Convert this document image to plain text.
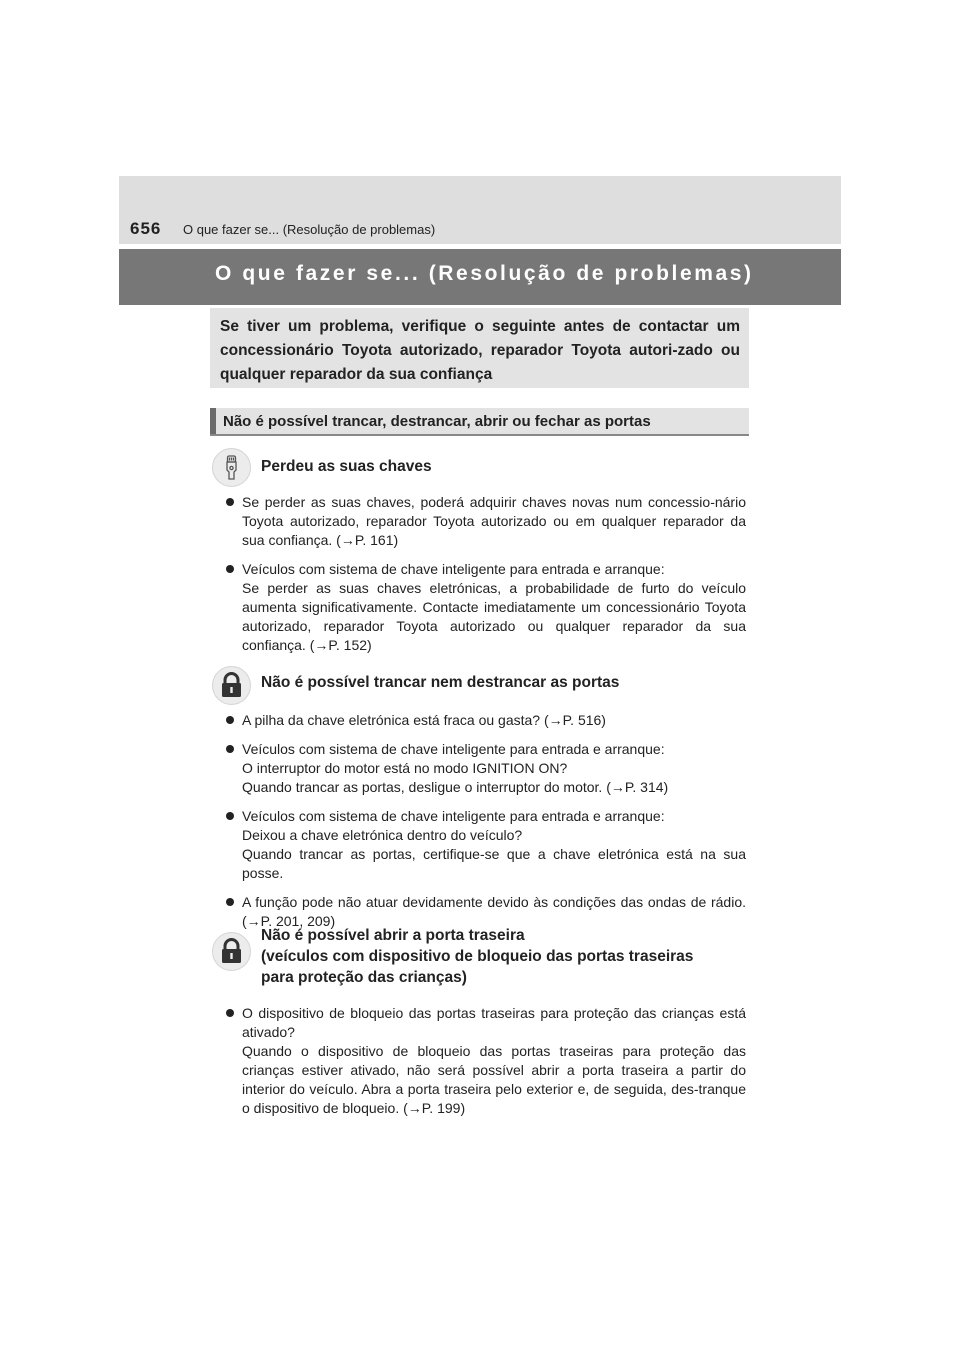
656 O que fazer se... (Resolução de problemas)
O que fazer se... (Resolução de problemas)
Se tiver um problema, verifique o seguinte antes de contactar um concessionário Toyota autorizado, reparador Toyota autori-zado ou qualquer reparador da sua confiança
Não é possível trancar, destrancar, abrir ou fechar as portas
Perdeu as suas chaves
Se perder as suas chaves, poderá adquirir chaves novas num concessio-nário Toyota autorizado, reparador Toyota autorizado ou em qualquer reparador da sua confiança. (→P. 161)
Veículos com sistema de chave inteligente para entrada e arranque:
Se perder as suas chaves eletrónicas, a probabilidade de furto do veículo aumenta significativamente. Contacte imediatamente um concessionário Toyota autorizado, reparador Toyota autorizado ou qualquer reparador da sua confiança. (→P. 152)
Não é possível trancar nem destrancar as portas
A pilha da chave eletrónica está fraca ou gasta? (→P. 516)
Veículos com sistema de chave inteligente para entrada e arranque:
O interruptor do motor está no modo IGNITION ON?
Quando trancar as portas, desligue o interruptor do motor. (→P. 314)
Veículos com sistema de chave inteligente para entrada e arranque:
Deixou a chave eletrónica dentro do veículo?
Quando trancar as portas, certifique-se que a chave eletrónica está na sua posse.
A função pode não atuar devidamente devido às condições das ondas de rádio. (→P. 201, 209)
Não é possível abrir a porta traseira
(veículos com dispositivo de bloqueio das portas traseiras
para proteção das crianças)
O dispositivo de bloqueio das portas traseiras para proteção das crianças está ativado?
Quando o dispositivo de bloqueio das portas traseiras para proteção das crianças estiver ativado, não será possível abrir a porta traseira a partir do interior do veículo. Abra a porta traseira pelo exterior e, de seguida, des-tranque o dispositivo de bloqueio. (→P. 199)
